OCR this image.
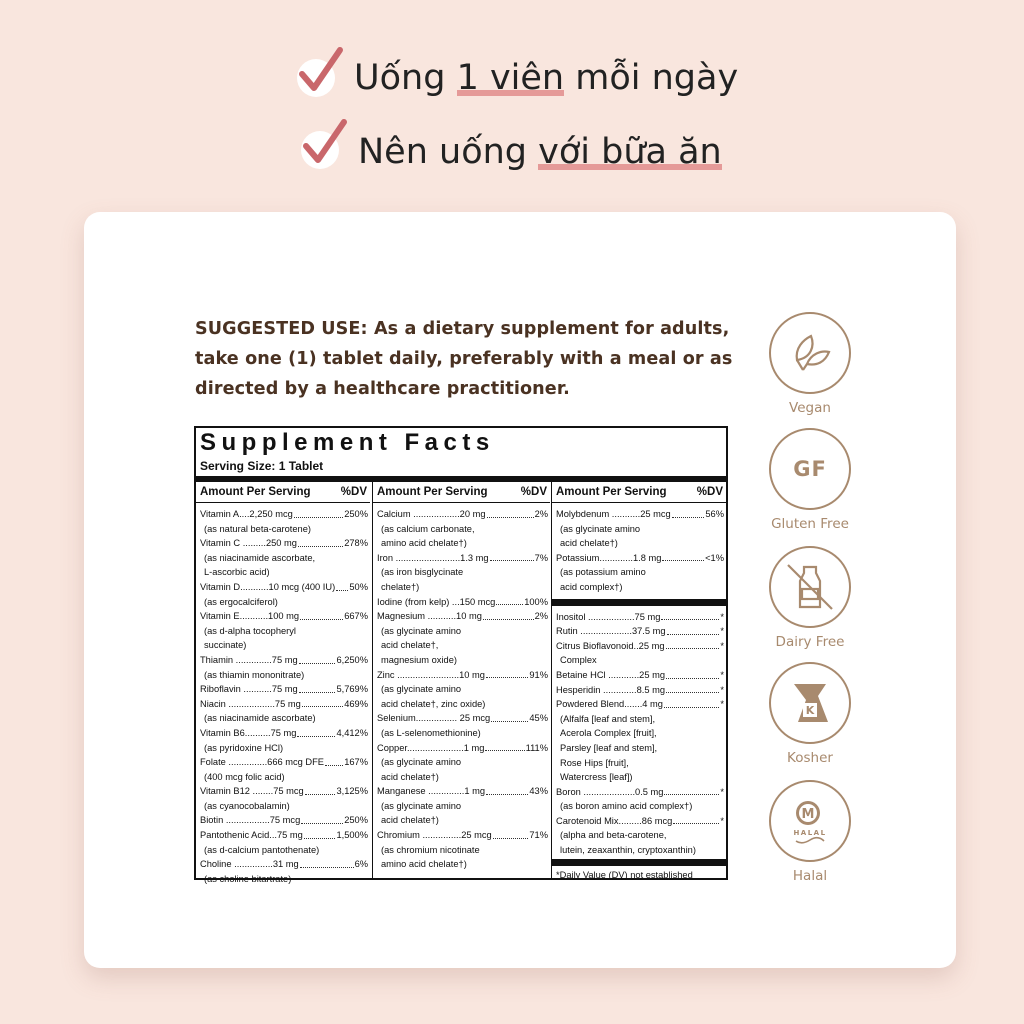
Uống 1 viên mỗi ngày
Nên uống với bữa ăn
SUGGESTED USE: As a dietary supplement for adults, take one (1) tablet daily, preferably with a meal or as directed by a healthcare practitioner.
Supplement Facts
Serving Size: 1 Tablet
Amount Per Serving	%DV
Vitamin A....2,250 mcg	250%
(as natural beta-carotene)
Vitamin C .........250 mg	278%
(as niacinamide ascorbate,
L-ascorbic acid)
Vitamin D...........10 mcg (400 IU) 50%
(as ergocalciferol)
Vitamin E...........100 mg	667%
(as d-alpha tocopheryl
succinate)
Thiamin ..............75 mg	6,250%
(as thiamin mononitrate)
Riboflavin ...........75 mg	5,769%
Niacin ..................75 mg	469%
(as niacinamide ascorbate)
Vitamin B6..........75 mg	4,412%
(as pyridoxine HCl)
Folate ...............666 mcg DFE 167%
(400 mcg folic acid)
Vitamin B12 ........75 mcg	3,125%
(as cyanocobalamin)
Biotin .................75 mcg	250%
Pantothenic Acid...75 mg	1,500%
(as d-calcium pantothenate)
Choline ...............31 mg	6%
(as choline bitartrate)
Amount Per Serving	%DV
Calcium ..................20 mg	2%
(as calcium carbonate,
amino acid chelate†)
Iron .........................1.3 mg	7%
(as iron bisglycinate
chelate†)
Iodine (from kelp) ...150 mcg	100%
Magnesium ...........10 mg	2%
(as glycinate amino
acid chelate†,
magnesium oxide)
Zinc ........................10 mg	91%
(as glycinate amino
acid chelate†, zinc oxide)
Selenium................ 25 mcg	45%
(as L-selenomethionine)
Copper......................1 mg	111%
(as glycinate amino
acid chelate†)
Manganese ..............1 mg	43%
(as glycinate amino
acid chelate†)
Chromium ...............25 mcg	71%
(as chromium nicotinate
amino acid chelate†)
Amount Per Serving	%DV
Molybdenum ...........25 mcg	56%
(as glycinate amino
acid chelate†)
Potassium.............1.8 mg	<1%
(as potassium amino
acid complex†)
Inositol ..................75 mg	*
Rutin ....................37.5 mg	*
Citrus Bioflavonoid..25 mg	*
Complex
Betaine HCl ............25 mg	*
Hesperidin .............8.5 mg	*
Powdered Blend.......4 mg	*
(Alfalfa [leaf and stem],
Acerola Complex [fruit],
Parsley [leaf and stem],
Rose Hips [fruit],
Watercress [leaf])
Boron ....................0.5 mg	*
(as boron amino acid complex†)
Carotenoid Mix.........86 mcg	*
(alpha and beta-carotene,
lutein, zeaxanthin, cryptoxanthin)
*Daily Value (DV) not established
Vegan
GF
Gluten Free
Dairy Free
K
Kosher
M
HALAL
Halal
